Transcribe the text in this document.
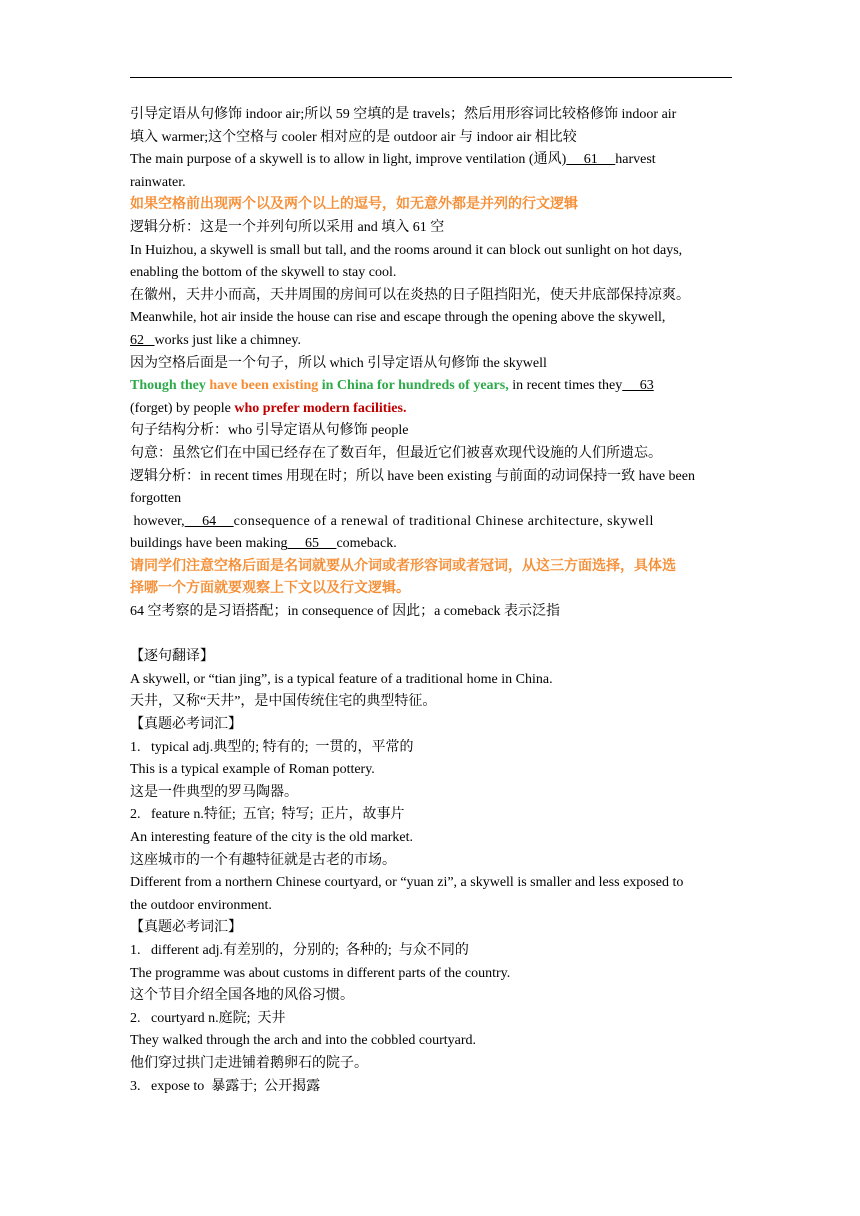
引导定语从句修饰 indoor air;所以 59 空填的是 travels；然后用形容词比较格修饰 indoor air
填入 warmer;这个空格与 cooler 相对应的是 outdoor air 与 indoor air 相比较
The main purpose of a skywell is to allow in light, improve ventilation (通风)     61     harvest
rainwater.
如果空格前出现两个以及两个以上的逗号，如无意外都是并列的行文逻辑
逻辑分析：这是一个并列句所以采用 and 填入 61 空
In Huizhou, a skywell is small but tall, and the rooms around it can block out sunlight on hot days,
enabling the bottom of the skywell to stay cool.
在徽州，天井小而高，天井周围的房间可以在炎热的日子阻挡阳光，使天井底部保持凉爽。
Meanwhile, hot air inside the house can rise and escape through the opening above the skywell,
62   works just like a chimney.
因为空格后面是一个句子，所以 which 引导定语从句修饰 the skywell
Though they have been existing in China for hundreds of years, in recent times they     63
(forget) by people who prefer modern facilities.
句子结构分析：who 引导定语从句修饰 people
句意：虽然它们在中国已经存在了数百年，但最近它们被喜欢现代设施的人们所遗忘。
逻辑分析：in recent times 用现在时；所以 have been existing 与前面的动词保持一致 have been
forgotten
however,     64     consequence of a renewal of traditional Chinese architecture, skywell
buildings have been making     65     comeback.
请同学们注意空格后面是名词就要从介词或者形容词或者冠词，从这三方面选择，具体选
择哪一个方面就要观察上下文以及行文逻辑。
64 空考察的是习语搭配；in consequence of 因此；a comeback 表示泛指
【逐句翻译】
A skywell, or “tian jing”, is a typical feature of a traditional home in China.
天井，又称“天井”，是中国传统住宅的典型特征。
【真题必考词汇】
1.   typical adj.典型的; 特有的;  一贯的，平常的
This is a typical example of Roman pottery.
这是一件典型的罗马陶器。
2.   feature n.特征;  五官;  特写;  正片，故事片
An interesting feature of the city is the old market.
这座城市的一个有趣特征就是古老的市场。
Different from a northern Chinese courtyard, or “yuan zi”, a skywell is smaller and less exposed to
the outdoor environment.
【真题必考词汇】
1.   different adj.有差别的，分别的;  各种的;  与众不同的
The programme was about customs in different parts of the country.
这个节目介绍全国各地的风俗习惯。
2.   courtyard n.庭院;  天井
They walked through the arch and into the cobbled courtyard.
他们穿过拱门走进铺着鹅卵石的院子。
3.   expose to  暴露于;  公开揭露
